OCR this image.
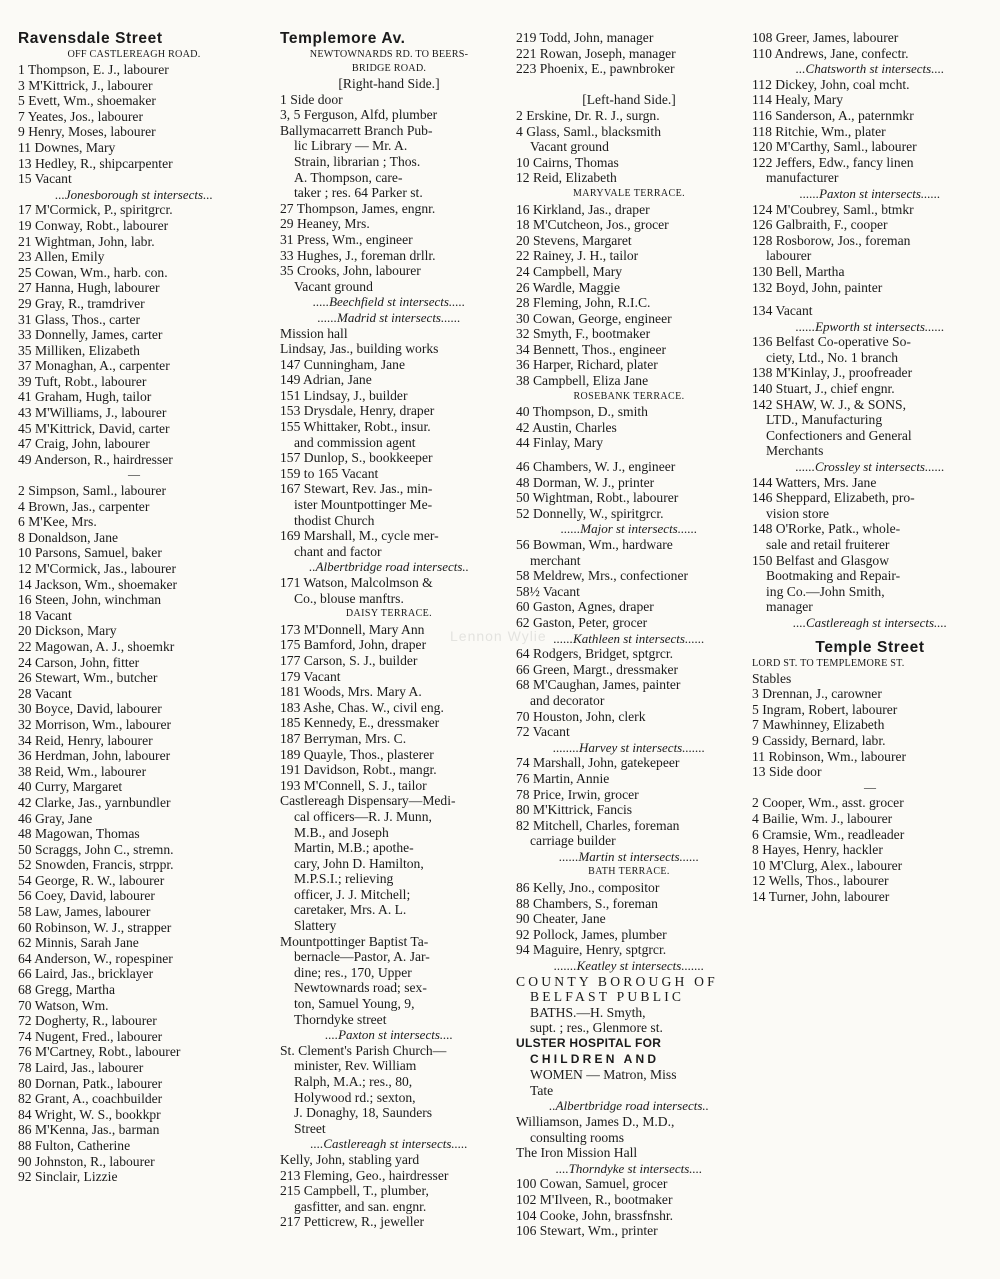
Lennon Wylie
Ravensdale Street
OFF CASTLEREAGH ROAD.
1 Thompson, E. J., labourer
3 M'Kittrick, J., labourer
5 Evett, Wm., shoemaker
7 Yeates, Jos., labourer
9 Henry, Moses, labourer
11 Downes, Mary
13 Hedley, R., shipcarpenter
15 Vacant
...Jonesborough st intersects...
17 M'Cormick, P., spiritgrcr.
19 Conway, Robt., labourer
21 Wightman, John, labr.
23 Allen, Emily
25 Cowan, Wm., harb. con.
27 Hanna, Hugh, labourer
29 Gray, R., tramdriver
31 Glass, Thos., carter
33 Donnelly, James, carter
35 Milliken, Elizabeth
37 Monaghan, A., carpenter
39 Tuft, Robt., labourer
41 Graham, Hugh, tailor
43 M'Williams, J., labourer
45 M'Kittrick, David, carter
47 Craig, John, labourer
49 Anderson, R., hairdresser
—
2 Simpson, Saml., labourer
4 Brown, Jas., carpenter
6 M'Kee, Mrs.
8 Donaldson, Jane
10 Parsons, Samuel, baker
12 M'Cormick, Jas., labourer
14 Jackson, Wm., shoemaker
16 Steen, John, winchman
18 Vacant
20 Dickson, Mary
22 Magowan, A. J., shoemkr
24 Carson, John, fitter
26 Stewart, Wm., butcher
28 Vacant
30 Boyce, David, labourer
32 Morrison, Wm., labourer
34 Reid, Henry, labourer
36 Herdman, John, labourer
38 Reid, Wm., labourer
40 Curry, Margaret
42 Clarke, Jas., yarnbundler
46 Gray, Jane
48 Magowan, Thomas
50 Scraggs, John C., stremn.
52 Snowden, Francis, strppr.
54 George, R. W., labourer
56 Coey, David, labourer
58 Law, James, labourer
60 Robinson, W. J., strapper
62 Minnis, Sarah Jane
64 Anderson, W., ropespiner
66 Laird, Jas., bricklayer
68 Gregg, Martha
70 Watson, Wm.
72 Dogherty, R., labourer
74 Nugent, Fred., labourer
76 M'Cartney, Robt., labourer
78 Laird, Jas., labourer
80 Dornan, Patk., labourer
82 Grant, A., coachbuilder
84 Wright, W. S., bookkpr
86 M'Kenna, Jas., barman
88 Fulton, Catherine
90 Johnston, R., labourer
92 Sinclair, Lizzie
Templemore Av.
NEWTOWNARDS RD. TO BEERS-
BRIDGE ROAD.
[Right-hand Side.]
1 Side door
3, 5 Ferguson, Alfd, plumber
Ballymacarrett Branch Pub-
lic Library — Mr. A.
Strain, librarian ; Thos.
A. Thompson, care-
taker ; res. 64 Parker st.
27 Thompson, James, engnr.
29 Heaney, Mrs.
31 Press, Wm., engineer
33 Hughes, J., foreman drllr.
35 Crooks, John, labourer
Vacant ground
.....Beechfield st intersects.....
......Madrid st intersects......
Mission hall
Lindsay, Jas., building works
147 Cunningham, Jane
149 Adrian, Jane
151 Lindsay, J., builder
153 Drysdale, Henry, draper
155 Whittaker, Robt., insur.
and commission agent
157 Dunlop, S., bookkeeper
159 to 165 Vacant
167 Stewart, Rev. Jas., min-
ister Mountpottinger Me-
thodist Church
169 Marshall, M., cycle mer-
chant and factor
..Albertbridge road intersects..
171 Watson, Malcolmson &
Co., blouse manftrs.
DAISY TERRACE.
173 M'Donnell, Mary Ann
175 Bamford, John, draper
177 Carson, S. J., builder
179 Vacant
181 Woods, Mrs. Mary A.
183 Ashe, Chas. W., civil eng.
185 Kennedy, E., dressmaker
187 Berryman, Mrs. C.
189 Quayle, Thos., plasterer
191 Davidson, Robt., mangr.
193 M'Connell, S. J., tailor
Castlereagh Dispensary—Medi-
cal officers—R. J. Munn,
M.B., and Joseph
Martin, M.B.; apothe-
cary, John D. Hamilton,
M.P.S.I.; relieving
officer, J. J. Mitchell;
caretaker, Mrs. A. L.
Slattery
Mountpottinger Baptist Ta-
bernacle—Pastor, A. Jar-
dine; res., 170, Upper
Newtownards road; sex-
ton, Samuel Young, 9,
Thorndyke street
....Paxton st intersects....
St. Clement's Parish Church—
minister, Rev. William
Ralph, M.A.; res., 80,
Holywood rd.; sexton,
J. Donaghy, 18, Saunders
Street
....Castlereagh st intersects.....
Kelly, John, stabling yard
213 Fleming, Geo., hairdresser
215 Campbell, T., plumber,
gasfitter, and san. engnr.
217 Petticrew, R., jeweller
219 Todd, John, manager
221 Rowan, Joseph, manager
223 Phoenix, E., pawnbroker
[Left-hand Side.]
2 Erskine, Dr. R. J., surgn.
4 Glass, Saml., blacksmith
Vacant ground
10 Cairns, Thomas
12 Reid, Elizabeth
MARYVALE TERRACE.
16 Kirkland, Jas., draper
18 M'Cutcheon, Jos., grocer
20 Stevens, Margaret
22 Rainey, J. H., tailor
24 Campbell, Mary
26 Wardle, Maggie
28 Fleming, John, R.I.C.
30 Cowan, George, engineer
32 Smyth, F., bootmaker
34 Bennett, Thos., engineer
36 Harper, Richard, plater
38 Campbell, Eliza Jane
ROSEBANK TERRACE.
40 Thompson, D., smith
42 Austin, Charles
44 Finlay, Mary
46 Chambers, W. J., engineer
48 Dorman, W. J., printer
50 Wightman, Robt., labourer
52 Donnelly, W., spiritgrcr.
......Major st intersects......
56 Bowman, Wm., hardware
merchant
58 Meldrew, Mrs., confectioner
58½ Vacant
60 Gaston, Agnes, draper
62 Gaston, Peter, grocer
......Kathleen st intersects......
64 Rodgers, Bridget, sptgrcr.
66 Green, Margt., dressmaker
68 M'Caughan, James, painter
and decorator
70 Houston, John, clerk
72 Vacant
........Harvey st intersects.......
74 Marshall, John, gatekepeer
76 Martin, Annie
78 Price, Irwin, grocer
80 M'Kittrick, Fancis
82 Mitchell, Charles, foreman
carriage builder
......Martin st intersects......
BATH TERRACE.
86 Kelly, Jno., compositor
88 Chambers, S., foreman
90 Cheater, Jane
92 Pollock, James, plumber
94 Maguire, Henry, sptgrcr.
.......Keatley st intersects.......
COUNTY BOROUGH OF
BELFAST PUBLIC
BATHS.—H. Smyth,
supt. ; res., Glenmore st.
ULSTER HOSPITAL FOR
CHILDREN AND
WOMEN — Matron, Miss
Tate
..Albertbridge road intersects..
Williamson, James D., M.D.,
consulting rooms
The Iron Mission Hall
....Thorndyke st intersects....
100 Cowan, Samuel, grocer
102 M'Ilveen, R., bootmaker
104 Cooke, John, brassfnshr.
106 Stewart, Wm., printer
108 Greer, James, labourer
110 Andrews, Jane, confectr.
...Chatsworth st intersects....
112 Dickey, John, coal mcht.
114 Healy, Mary
116 Sanderson, A., paternmkr
118 Ritchie, Wm., plater
120 M'Carthy, Saml., labourer
122 Jeffers, Edw., fancy linen
manufacturer
......Paxton st intersects......
124 M'Coubrey, Saml., btmkr
126 Galbraith, F., cooper
128 Rosborow, Jos., foreman
labourer
130 Bell, Martha
132 Boyd, John, painter
134 Vacant
......Epworth st intersects......
136 Belfast Co-operative So-
ciety, Ltd., No. 1 branch
138 M'Kinlay, J., proofreader
140 Stuart, J., chief engnr.
142 SHAW, W. J., & SONS,
LTD., Manufacturing
Confectioners and General
Merchants
......Crossley st intersects......
144 Watters, Mrs. Jane
146 Sheppard, Elizabeth, pro-
vision store
148 O'Rorke, Patk., whole-
sale and retail fruiterer
150 Belfast and Glasgow
Bootmaking and Repair-
ing Co.—John Smith,
manager
....Castlereagh st intersects....
Temple Street
LORD ST. TO TEMPLEMORE ST.
Stables
3 Drennan, J., carowner
5 Ingram, Robert, labourer
7 Mawhinney, Elizabeth
9 Cassidy, Bernard, labr.
11 Robinson, Wm., labourer
13 Side door
—
2 Cooper, Wm., asst. grocer
4 Bailie, Wm. J., labourer
6 Cramsie, Wm., readleader
8 Hayes, Henry, hackler
10 M'Clurg, Alex., labourer
12 Wells, Thos., labourer
14 Turner, John, labourer
